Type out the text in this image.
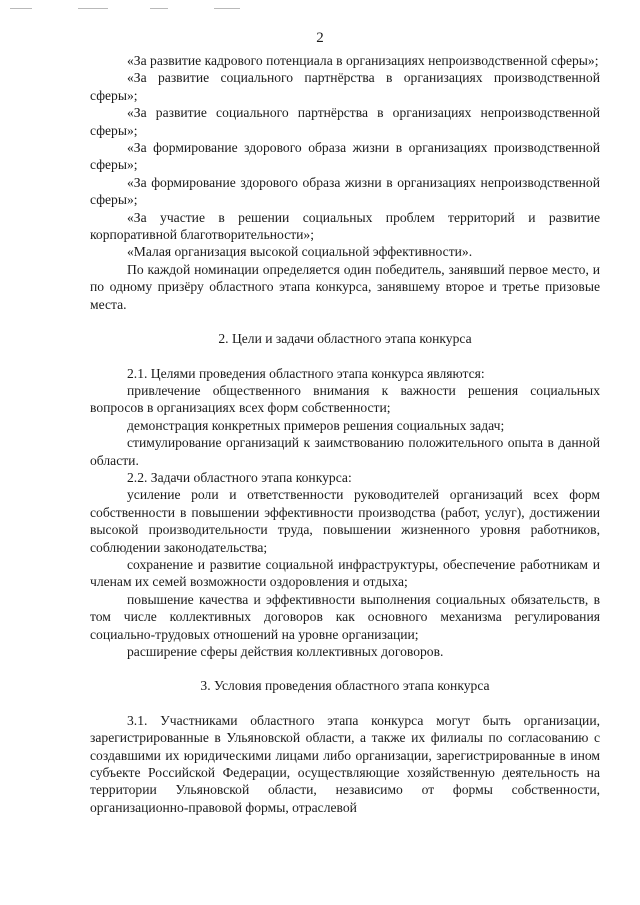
2

«За развитие кадрового потенциала в организациях непроизводственной сферы»;

«За развитие социального партнёрства в организациях производственной сферы»;

«За развитие социального партнёрства в организациях непроизводственной сферы»;

«За формирование здорового образа жизни в организациях производственной сферы»;

«За формирование здорового образа жизни в организациях непроизводственной сферы»;

«За участие в решении социальных проблем территорий и развитие корпоративной благотворительности»;

«Малая организация высокой социальной эффективности».

По каждой номинации определяется один победитель, занявший первое место, и по одному призёру областного этапа конкурса, занявшему второе и третье призовые места.

2. Цели и задачи областного этапа конкурса

2.1. Целями проведения областного этапа конкурса являются:

привлечение общественного внимания к важности решения социальных вопросов в организациях всех форм собственности;

демонстрация конкретных примеров решения социальных задач;

стимулирование организаций к заимствованию положительного опыта в данной области.

2.2. Задачи областного этапа конкурса:

усиление роли и ответственности руководителей организаций всех форм собственности в повышении эффективности производства (работ, услуг), достижении высокой производительности труда, повышении жизненного уровня работников, соблюдении законодательства;

сохранение и развитие социальной инфраструктуры, обеспечение работникам и членам их семей возможности оздоровления и отдыха;

повышение качества и эффективности выполнения социальных обязательств, в том числе коллективных договоров как основного механизма регулирования социально-трудовых отношений на уровне организации;

расширение сферы действия коллективных договоров.

3. Условия проведения областного этапа конкурса

3.1. Участниками областного этапа конкурса могут быть организации, зарегистрированные в Ульяновской области, а также их филиалы по согласованию с создавшими их юридическими лицами либо организации, зарегистрированные в ином субъекте Российской Федерации, осуществляющие хозяйственную деятельность на территории Ульяновской области, независимо от формы собственности, организационно-правовой формы, отраслевой
